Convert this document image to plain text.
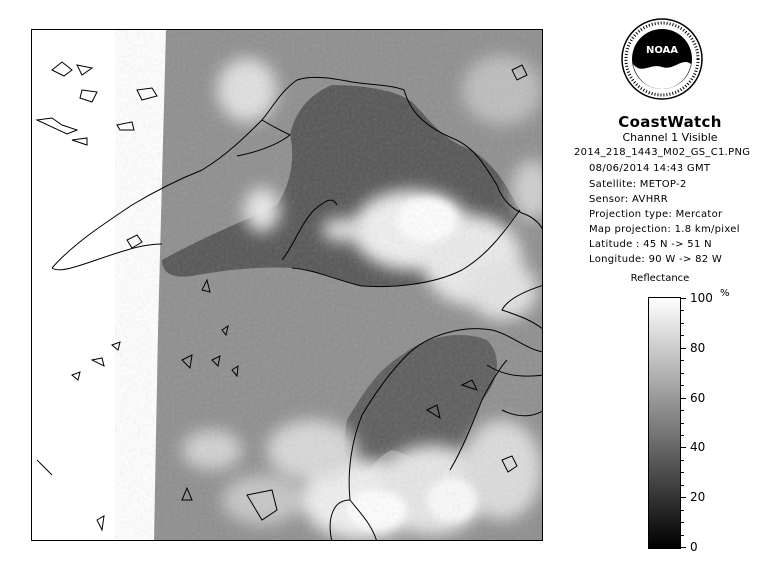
NOAA
CoastWatch
Channel 1 Visible
2014_218_1443_M02_GS_C1.PNG
08/06/2014 14:43 GMT
Satellite: METOP-2
Sensor: AVHRR
Projection type: Mercator
Map projection: 1.8 km/pixel
Latitude : 45 N -> 51 N
Longitude: 90 W -> 82 W
Reflectance
%
100
80
60
40
20
0
